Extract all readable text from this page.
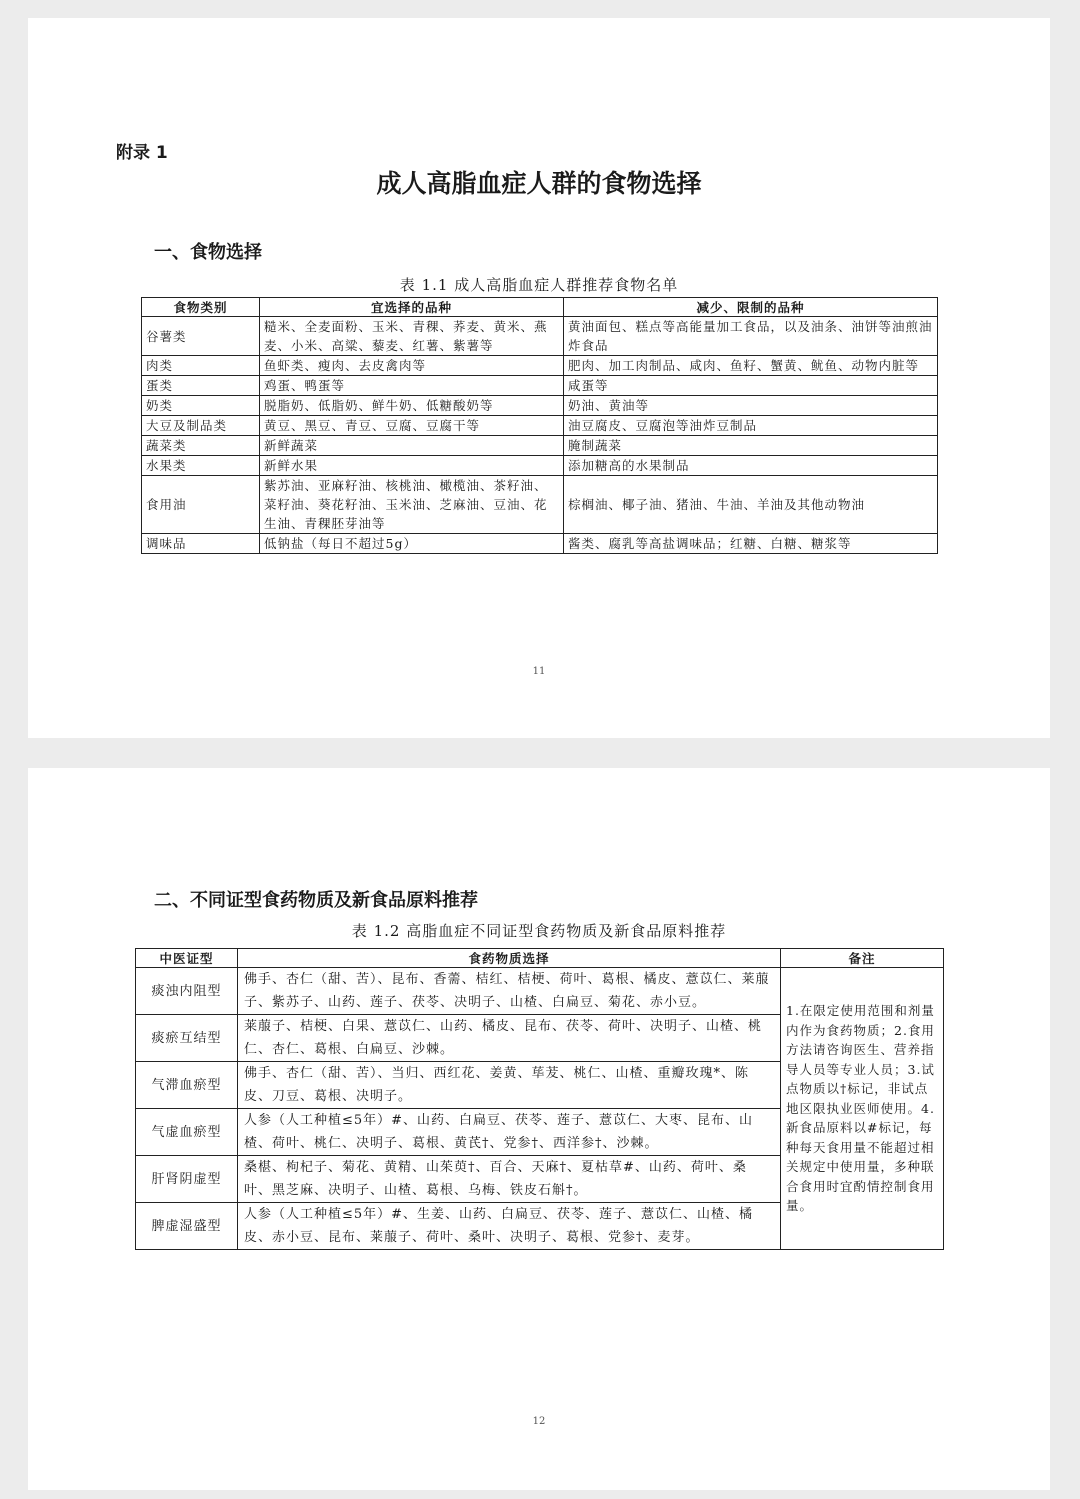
附录 1
成人高脂血症人群的食物选择
一、食物选择
表 1.1 成人高脂血症人群推荐食物名单
食物类别	宜选择的品种	减少、限制的品种
谷薯类	糙米、全麦面粉、玉米、青稞、荞麦、黄米、燕麦、小米、高粱、藜麦、红薯、紫薯等	黄油面包、糕点等高能量加工食品，以及油条、油饼等油煎油炸食品
肉类	鱼虾类、瘦肉、去皮禽肉等	肥肉、加工肉制品、咸肉、鱼籽、蟹黄、鱿鱼、动物内脏等
蛋类	鸡蛋、鸭蛋等	咸蛋等
奶类	脱脂奶、低脂奶、鲜牛奶、低糖酸奶等	奶油、黄油等
大豆及制品类	黄豆、黑豆、青豆、豆腐、豆腐干等	油豆腐皮、豆腐泡等油炸豆制品
蔬菜类	新鲜蔬菜	腌制蔬菜
水果类	新鲜水果	添加糖高的水果制品
食用油	紫苏油、亚麻籽油、核桃油、橄榄油、茶籽油、菜籽油、葵花籽油、玉米油、芝麻油、豆油、花生油、青稞胚芽油等	棕榈油、椰子油、猪油、牛油、羊油及其他动物油
调味品	低钠盐（每日不超过5g）	酱类、腐乳等高盐调味品；红糖、白糖、糖浆等
11
二、不同证型食药物质及新食品原料推荐
表 1.2 高脂血症不同证型食药物质及新食品原料推荐
中医证型	食药物质选择	备注
痰浊内阻型	佛手、杏仁（甜、苦）、昆布、香薷、桔红、桔梗、荷叶、葛根、橘皮、薏苡仁、莱菔子、紫苏子、山药、莲子、茯苓、决明子、山楂、白扁豆、菊花、赤小豆。	1.在限定使用范围和剂量内作为食药物质；2.食用方法请咨询医生、营养指导人员等专业人员；3.试点物质以†标记，非试点地区限执业医师使用。4.新食品原料以#标记，每种每天食用量不能超过相关规定中使用量，多种联合食用时宜酌情控制食用量。
痰瘀互结型	莱菔子、桔梗、白果、薏苡仁、山药、橘皮、昆布、茯苓、荷叶、决明子、山楂、桃仁、杏仁、葛根、白扁豆、沙棘。	
气滞血瘀型	佛手、杏仁（甜、苦）、当归、西红花、姜黄、荜茇、桃仁、山楂、重瓣玫瑰*、陈皮、刀豆、葛根、决明子。	
气虚血瘀型	人参（人工种植≤5年）#、山药、白扁豆、茯苓、莲子、薏苡仁、大枣、昆布、山楂、荷叶、桃仁、决明子、葛根、黄芪†、党参†、西洋参†、沙棘。	
肝肾阴虚型	桑椹、枸杞子、菊花、黄精、山茱萸†、百合、天麻†、夏枯草#、山药、荷叶、桑叶、黑芝麻、决明子、山楂、葛根、乌梅、铁皮石斛†。	
脾虚湿盛型	人参（人工种植≤5年）#、生姜、山药、白扁豆、茯苓、莲子、薏苡仁、山楂、橘皮、赤小豆、昆布、莱菔子、荷叶、桑叶、决明子、葛根、党参†、麦芽。	
12
